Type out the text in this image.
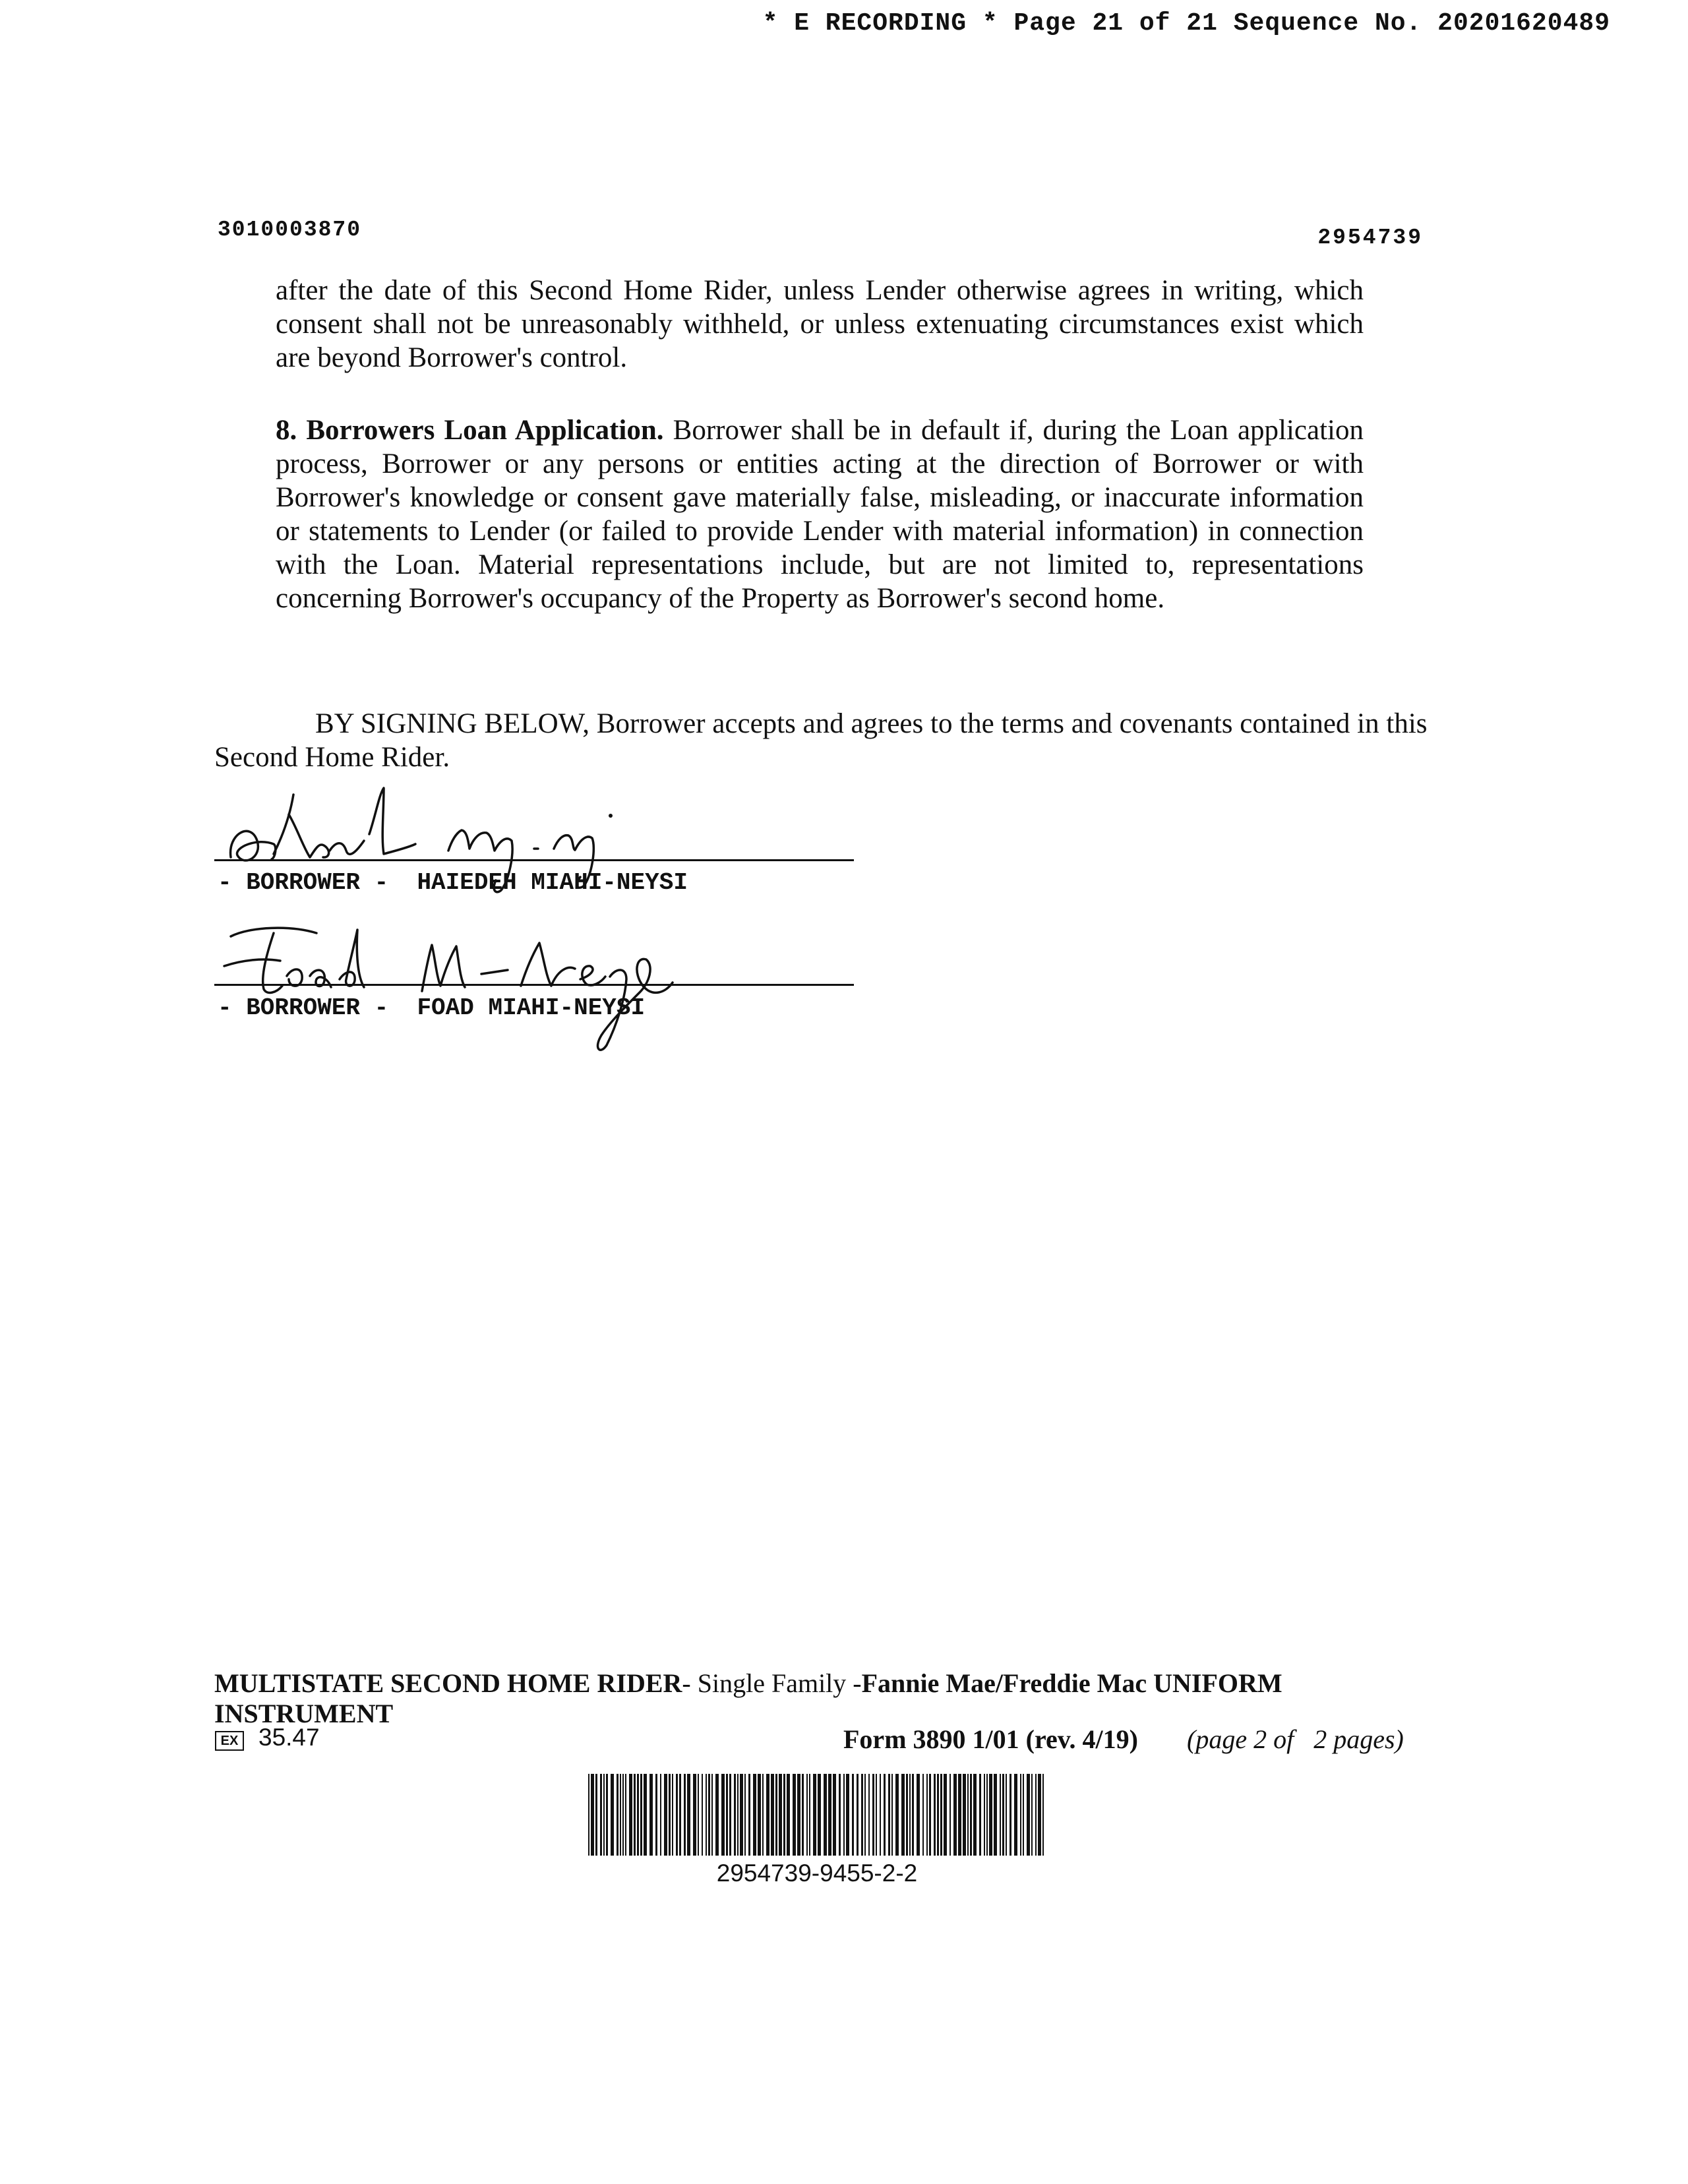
* E RECORDING * Page 21 of 21 Sequence No. 20201620489
3010003870	2954739
after the date of this Second Home Rider, unless Lender otherwise agrees in writing, which consent shall not be unreasonably withheld, or unless extenuating circumstances exist which are beyond Borrower's control.
8. Borrowers Loan Application. Borrower shall be in default if, during the Loan application process, Borrower or any persons or entities acting at the direction of Borrower or with Borrower's knowledge or consent gave materially false, misleading, or inaccurate information or statements to Lender (or failed to provide Lender with material information) in connection with the Loan. Material representations include, but are not limited to, representations concerning Borrower's occupancy of the Property as Borrower's second home.
BY SIGNING BELOW, Borrower accepts and agrees to the terms and covenants contained in this Second Home Rider.
- BORROWER -  HAIEDEH MIAHI-NEYSI
- BORROWER -  FOAD MIAHI-NEYSI
MULTISTATE SECOND HOME RIDER- Single Family -Fannie Mae/Freddie Mac UNIFORM INSTRUMENT
EX 35.47	Form 3890 1/01 (rev. 4/19) (page 2 of   2 pages)
2954739-9455-2-2
